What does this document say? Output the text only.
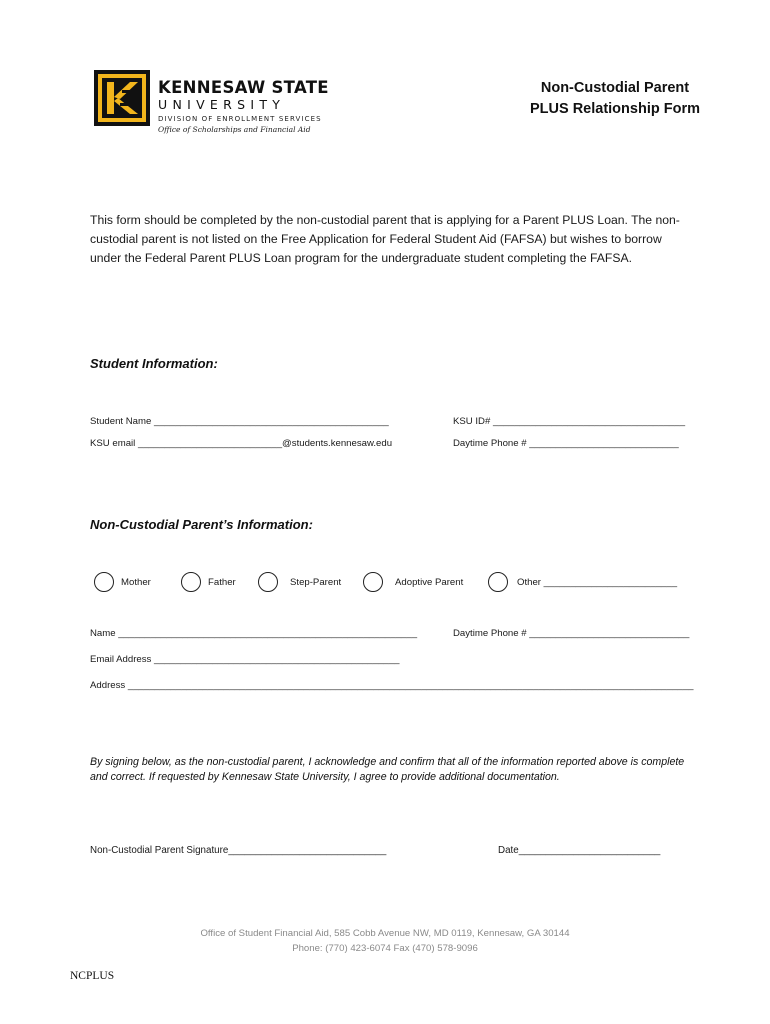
KENNESAW STATE
UNIVERSITY
DIVISION OF ENROLLMENT SERVICES
Office of Scholarships and Financial Aid
Non-Custodial Parent
PLUS Relationship Form
This form should be completed by the non-custodial parent that is applying for a Parent PLUS Loan. The non-custodial parent is not listed on the Free Application for Federal Student Aid (FAFSA) but wishes to borrow under the Federal Parent PLUS Loan program for the undergraduate student completing the FAFSA.
Student Information:
Student Name ____________________________________________	KSU ID# ____________________________________
KSU email ___________________________@students.kennesaw.edu	Daytime Phone # ____________________________
Non-Custodial Parent’s Information:
Mother	Father	Step-Parent	Adoptive Parent	Other _________________________
Name ________________________________________________________	Daytime Phone # ______________________________
Email Address ______________________________________________
Address __________________________________________________________________________________________________________
By signing below, as the non-custodial parent, I acknowledge and confirm that all of the information reported above is complete and correct. If requested by Kennesaw State University, I agree to provide additional documentation.
Non-Custodial Parent Signature_____________________________	Date__________________________
Office of Student Financial Aid, 585 Cobb Avenue NW, MD 0119, Kennesaw, GA 30144
Phone: (770) 423-6074 Fax (470) 578-9096
NCPLUS
